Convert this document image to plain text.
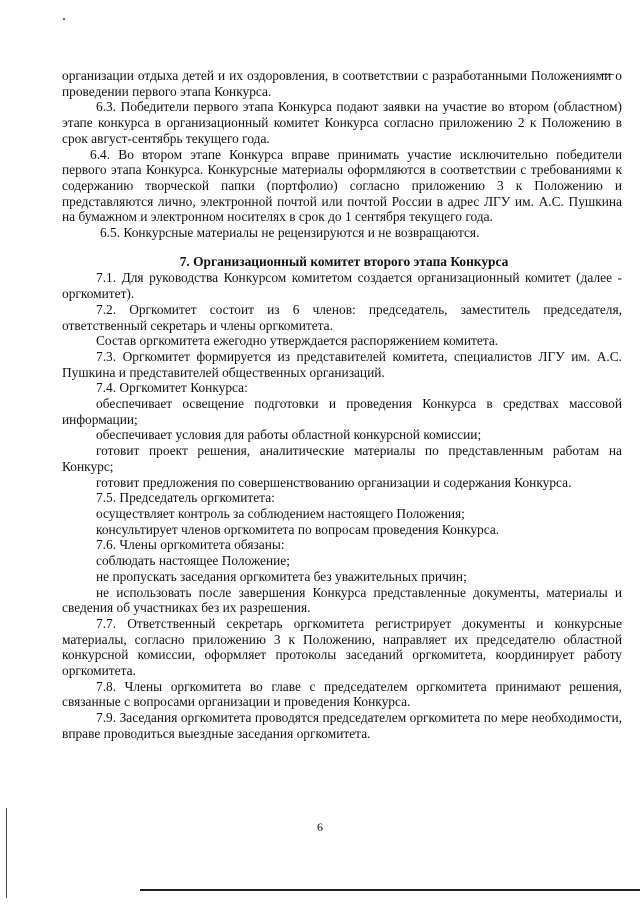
организации отдыха детей и их оздоровления, в соответствии с разработанными Положениями о проведении первого этапа Конкурса.

6.3. Победители первого этапа Конкурса подают заявки на участие во втором (областном) этапе конкурса в организационный комитет Конкурса согласно приложению 2 к Положению в срок август-сентябрь текущего года.

6.4. Во втором этапе Конкурса вправе принимать участие исключительно победители первого этапа Конкурса. Конкурсные материалы оформляются в соответствии с требованиями к содержанию творческой папки (портфолио) согласно приложению 3 к Положению и представляются лично, электронной почтой или почтой России в адрес ЛГУ им. А.С. Пушкина на бумажном и электронном носителях в срок до 1 сентября текущего года.

6.5. Конкурсные материалы не рецензируются и не возвращаются.

7. Организационный комитет второго этапа Конкурса

7.1. Для руководства Конкурсом комитетом создается организационный комитет (далее - оргкомитет).

7.2. Оргкомитет состоит из 6 членов: председатель, заместитель председателя, ответственный секретарь и члены оргкомитета.

Состав оргкомитета ежегодно утверждается распоряжением комитета.

7.3. Оргкомитет формируется из представителей комитета, специалистов ЛГУ им. А.С. Пушкина и представителей общественных организаций.

7.4. Оргкомитет Конкурса:

обеспечивает освещение подготовки и проведения Конкурса в средствах массовой информации;

обеспечивает условия для работы областной конкурсной комиссии;

готовит проект решения, аналитические материалы по представленным работам на Конкурс;

готовит предложения по совершенствованию организации и содержания Конкурса.

7.5. Председатель оргкомитета:

осуществляет контроль за соблюдением настоящего Положения;

консультирует членов оргкомитета по вопросам проведения Конкурса.

7.6. Члены оргкомитета обязаны:

соблюдать настоящее Положение;

не пропускать заседания оргкомитета без уважительных причин;

не использовать после завершения Конкурса представленные документы, материалы и сведения об участниках без их разрешения.

7.7. Ответственный секретарь оргкомитета регистрирует документы и конкурсные материалы, согласно приложению 3 к Положению, направляет их председателю областной конкурсной комиссии, оформляет протоколы заседаний оргкомитета, координирует работу оргкомитета.

7.8. Члены оргкомитета во главе с председателем оргкомитета принимают решения, связанные с вопросами организации и проведения Конкурса.

7.9. Заседания оргкомитета проводятся председателем оргкомитета по мере необходимости, вправе проводиться выездные заседания оргкомитета.

6
